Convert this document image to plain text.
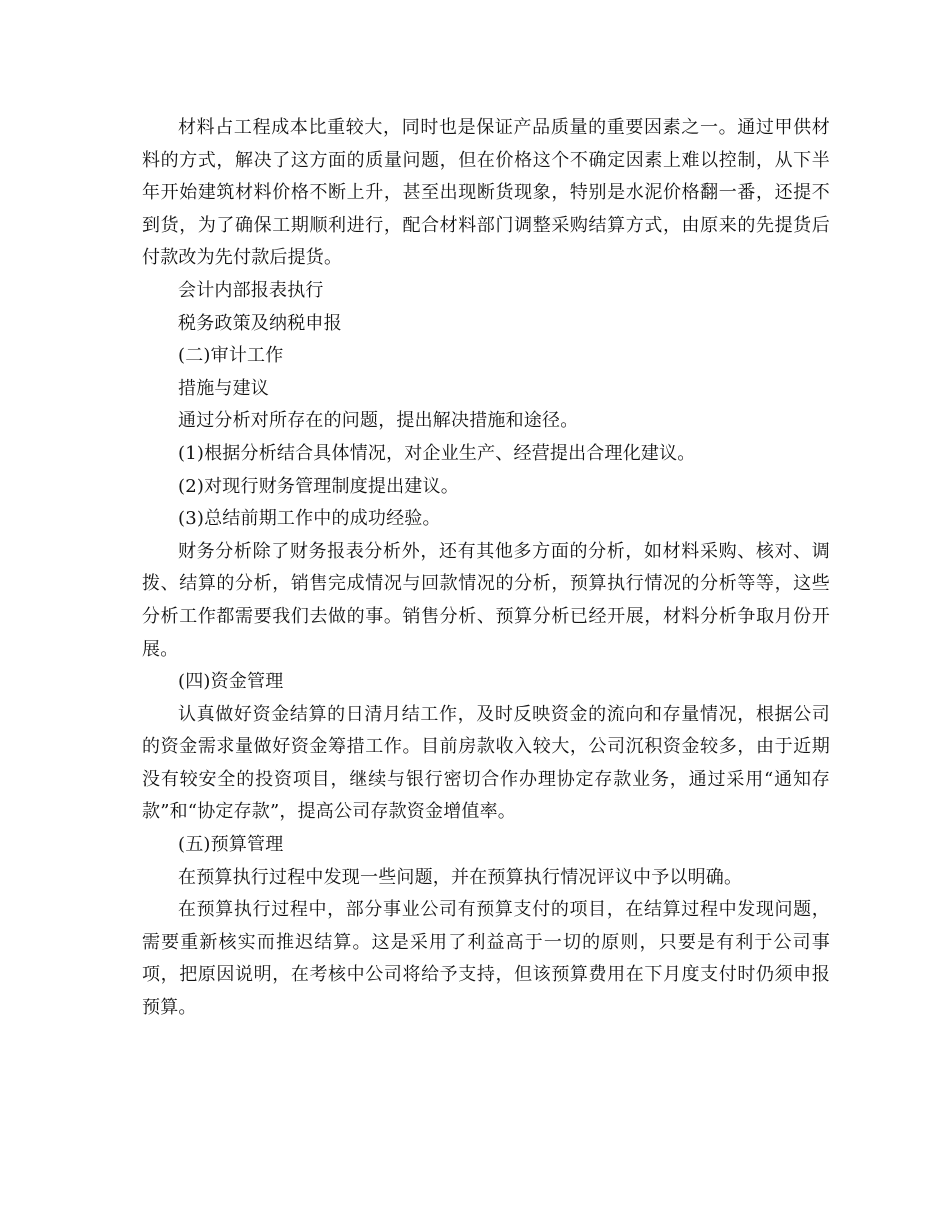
材料占工程成本比重较大，同时也是保证产品质量的重要因素之一。通过甲供材料的方式，解决了这方面的质量问题，但在价格这个不确定因素上难以控制，从下半年开始建筑材料价格不断上升，甚至出现断货现象，特别是水泥价格翻一番，还提不到货，为了确保工期顺利进行，配合材料部门调整采购结算方式，由原来的先提货后付款改为先付款后提货。

会计内部报表执行

税务政策及纳税申报

(二)审计工作

措施与建议

通过分析对所存在的问题，提出解决措施和途径。

(1)根据分析结合具体情况，对企业生产、经营提出合理化建议。

(2)对现行财务管理制度提出建议。

(3)总结前期工作中的成功经验。

财务分析除了财务报表分析外，还有其他多方面的分析，如材料采购、核对、调拨、结算的分析，销售完成情况与回款情况的分析，预算执行情况的分析等等，这些分析工作都需要我们去做的事。销售分析、预算分析已经开展，材料分析争取月份开展。

(四)资金管理

认真做好资金结算的日清月结工作，及时反映资金的流向和存量情况，根据公司的资金需求量做好资金筹措工作。目前房款收入较大，公司沉积资金较多，由于近期没有较安全的投资项目，继续与银行密切合作办理协定存款业务，通过采用“通知存款”和“协定存款”，提高公司存款资金增值率。

(五)预算管理

在预算执行过程中发现一些问题，并在预算执行情况评议中予以明确。

在预算执行过程中，部分事业公司有预算支付的项目，在结算过程中发现问题，需要重新核实而推迟结算。这是采用了利益高于一切的原则，只要是有利于公司事项，把原因说明，在考核中公司将给予支持，但该预算费用在下月度支付时仍须申报预算。
